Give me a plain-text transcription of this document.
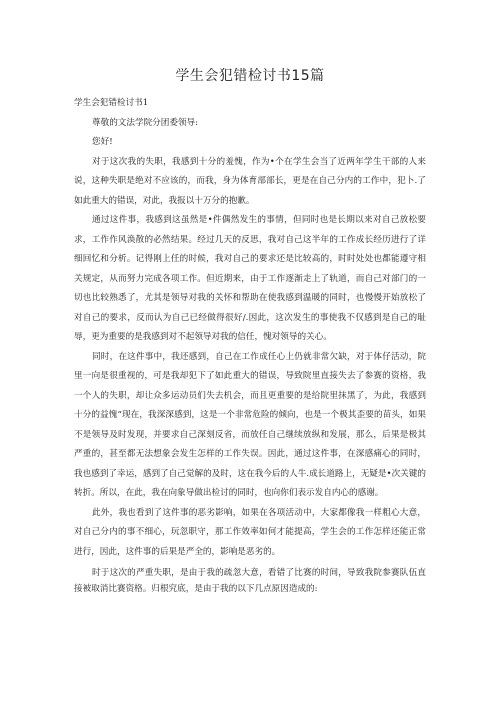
学生会犯错检讨书15篇

学生会犯错检讨书1

尊敬的文法学院分团委领导:

您好!

对于这次我的失职，我感到十分的羞愧，作为•个在学生会当了近两年学生干部的人来说，这种失职是绝对不应该的，而我，身为体育部部长，更是在自己分内的工作中，犯卜.了如此重大的错误，对此，我报以十万分的抱歉。

通过这件事，我感到这虽然是•件偶然发生的事情，但同时也是长期以来对自己放松要求，工作作风涣散的必然结果。经过几天的反思，我对自己这半年的工作成长经历进行了详细回忆和分析。记得刚上任的时候，我对自己的要求还是比较高的，时时处处也都能遵守相关规定，从而努力完成各项工作。但近期来，由于工作逐渐走上了轨道，而自己对部门的一切也比较熟悉了，尤其是领导对我的关怀和帮助在使我感到温暖的同时，也慢慢开始放松了对自己的要求，反而认为自己已经做得很好/.因此，这次发生的事使我不仅感到是自己的耻辱，更为重要的是我感到对不起领导对我的信任，愧对领导的关心。

同时，在这件事中，我还感到，自己在工作成任心上仍就非常欠缺，对于体仔活动，院里一向是很重视的，可是我却犯下了如此重大的错误，导致院里直接失去了参赛的资格，我一个人的失职，却让众多运动员们失去机会，而且更重要的是给院里抹黑了，为此，我感到十分的益愧“现在，我深深感到，这是一个非常危险的倾向，也是一个极其歪要的苗头，如果不是领导及时发现，并要求自己深刻反省，而放任自己继续放纵和发展，那么，后果是极其严重的，甚至都无法想象会发生怎样的工作失误。因此，通过这件事，在深感痛心的同时，我也感到了幸运，感到了自己觉解的及时，这在我今后的人牛.成长道路上，无疑是•次关键的转折。所以，在此，我在向象导做出检讨的同时，也向你们表示发自内心的感谢。

此外，我也看到了这件事的恶劣影响，如果在各项活动中，大家都像我一样粗心大意，对自己分内的事不细心，玩忽职守，那工作效率如何才能提高，学生会的工作怎样还能正常进行，因此，这件事的后果是严全的，影响是恶劣的。

时于这次的严重失职，是由于我的疏忽大意，看错了比赛的时间，导致我院参赛队伍直接被取消比赛资格。归根究底，是由于我的以下几点原因造成的:
